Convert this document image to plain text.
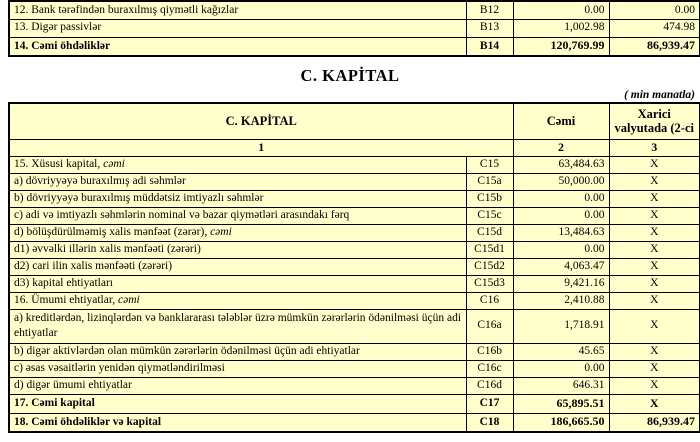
12. Bank tərəfindən buraxılmış qiymətli kağızlar	B12	0.00	0.00
13. Digər passivlər	B13	1,002.98	474.98
14. Cəmi öhdəliklər	B14	120,769.99	86,939.47
C. KAPİTAL
( min manatla)
C. KAPİTAL		Cəmi	Xarici
valyutada (2-ci
1		2	3
15. Xüsusi kapital, cəmi	C15	63,484.63	X
a) dövriyyəyə buraxılmış adi səhmlər	C15a	50,000.00	X
b) dövriyyəyə buraxılmış müddətsiz imtiyazlı səhmlər	C15b	0.00	X
c) adi və imtiyazlı səhmlərin nominal və bazar qiymətləri arasındakı fərq	C15c	0.00	X
d) bölüşdürülməmiş xalis mənfəət (zərər), cəmi	C15d	13,484.63	X
d1) əvvəlki illərin xalis mənfəəti (zərəri)	C15d1	0.00	X
d2) cari ilin xalis mənfəəti (zərəri)	C15d2	4,063.47	X
d3) kapital ehtiyatları	C15d3	9,421.16	X
16. Ümumi ehtiyatlar, cəmi	C16	2,410.88	X
a) kreditlərdən, lizinqlərdən və banklararası tələblər üzrə mümkün zərərlərin ödənilməsi üçün adi ehtiyatlar	C16a	1,718.91	X
b) digər aktivlərdən olan mümkün zərərlərin ödənilməsi üçün adi ehtiyatlar	C16b	45.65	X
c) əsas vəsaitlərin yenidən qiymətləndirilməsi	C16c	0.00	X
d) digər ümumi ehtiyatlar	C16d	646.31	X
17. Cəmi kapital	C17	65,895.51	X
18. Cəmi öhdəliklər və kapital	C18	186,665.50	86,939.47
